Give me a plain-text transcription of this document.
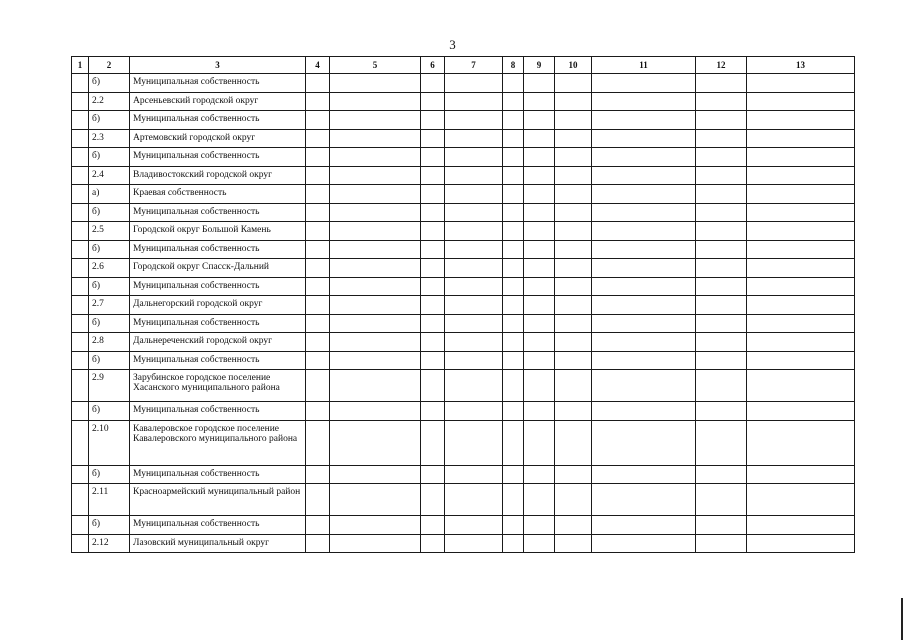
3
1	2	3	4	5	6	7	8	9	10	11	12	13
	б)	Муниципальная собственность										
	2.2	Арсеньевский городской округ										
	б)	Муниципальная собственность										
	2.3	Артемовский городской округ										
	б)	Муниципальная собственность										
	2.4	Владивостокский городской округ										
	а)	Краевая собственность										
	б)	Муниципальная собственность										
	2.5	Городской округ Большой Камень										
	б)	Муниципальная собственность										
	2.6	Городской округ Спасск-Дальний										
	б)	Муниципальная собственность										
	2.7	Дальнегорский городской округ										
	б)	Муниципальная собственность										
	2.8	Дальнереченский городской округ										
	б)	Муниципальная собственность										
	2.9	Зарубинское городское поселение Хасанского муниципального района										
	б)	Муниципальная собственность										
	2.10	Кавалеровское городское поселение Кавалеровского муниципального района										
	б)	Муниципальная собственность										
	2.11	Красноармейский муниципальный район										
	б)	Муниципальная собственность										
	2.12	Лазовский муниципальный округ										
